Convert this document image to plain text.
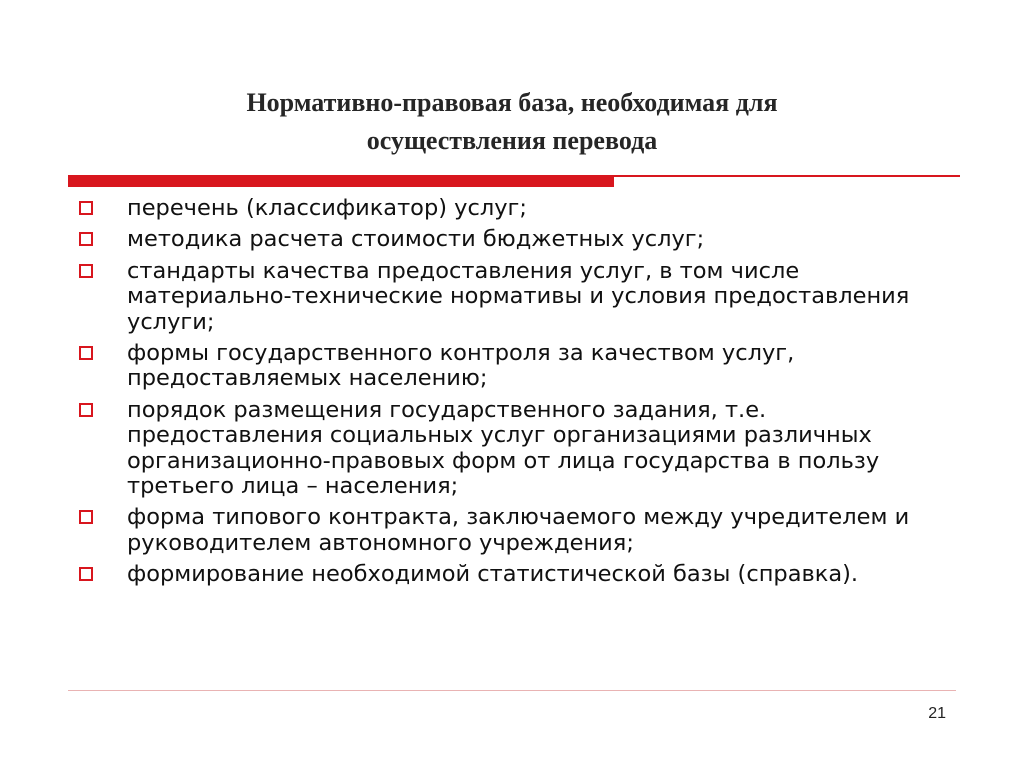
Нормативно-правовая база, необходимая для
осуществления перевода
перечень (классификатор) услуг;
методика расчета стоимости бюджетных услуг;
стандарты качества предоставления услуг, в том числе материально-технические нормативы и условия предоставления услуги;
формы государственного контроля за качеством услуг, предоставляемых населению;
порядок размещения государственного задания, т.е. предоставления социальных услуг организациями различных организационно-правовых форм от лица государства в пользу третьего лица – населения;
форма типового контракта, заключаемого между учредителем и руководителем автономного учреждения;
формирование необходимой статистической базы (справка).
21
